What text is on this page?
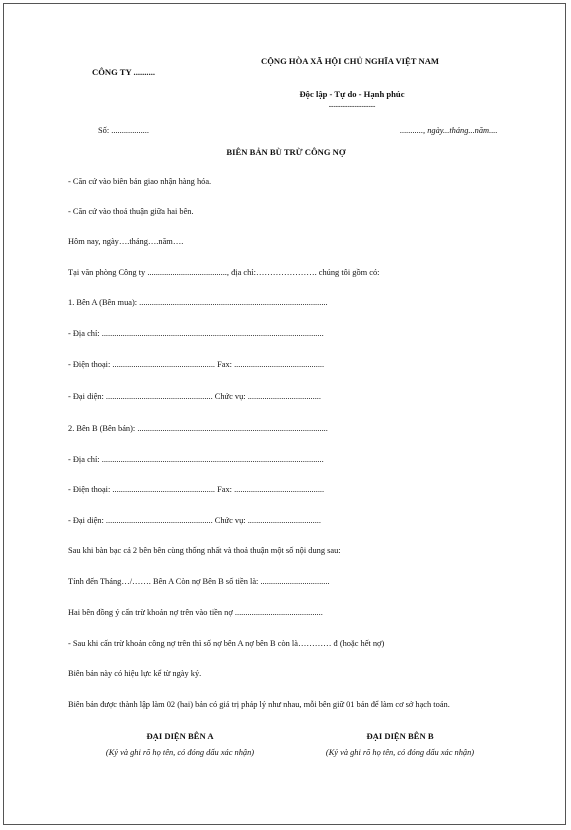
CÔNG TY ..........
CỘNG HÒA XÃ HỘI CHỦ NGHĨA VIỆT NAM
Độc lập - Tự do - Hạnh phúc
--------------------
Số: ..................	..........., ngày...tháng...năm....
BIÊN BẢN BÙ TRỪ CÔNG NỢ
- Căn cứ vào biên bản giao nhận hàng hóa.
- Căn cứ vào thoả thuận giữa hai bên.
Hôm nay, ngày….tháng….năm….
Tại văn phòng Công ty ......................................, địa chỉ:…………………. chúng tôi gồm có:
1. Bên A (Bên mua): ..........................................................................................
- Địa chỉ: ..........................................................................................................
- Điện thoại: ................................................. Fax: ...........................................
- Đại diện: ................................................... Chức vụ: ...................................
2. Bên B (Bên bán): ...........................................................................................
- Địa chỉ: ..........................................................................................................
- Điện thoại: ................................................. Fax: ...........................................
- Đại diện: ................................................... Chức vụ: ...................................
Sau khi bàn bạc cả 2 bên bên cùng thống nhất và thoả thuận một số nội dung sau:
Tính đến Tháng…/……. Bên A Còn nợ Bên B số tiền là: .................................
Hai bên đồng ý cấn trừ khoản nợ trên vào tiền nợ ..........................................
- Sau khi cấn trừ khoản công nợ trên thì số nợ bên A nợ bên B còn là………… đ (hoặc hết nợ)
Biên bản này có hiệu lực kể từ ngày ký.
Biên bản được thành lập làm 02 (hai) bản có giá trị pháp lý như nhau, mỗi bên giữ 01 bản để làm cơ sở hạch toán.
ĐẠI DIỆN BÊN A
(Ký và ghi rõ họ tên, có đóng dấu xác nhận)
ĐẠI DIỆN BÊN B
(Ký và ghi rõ họ tên, có đóng dấu xác nhận)
